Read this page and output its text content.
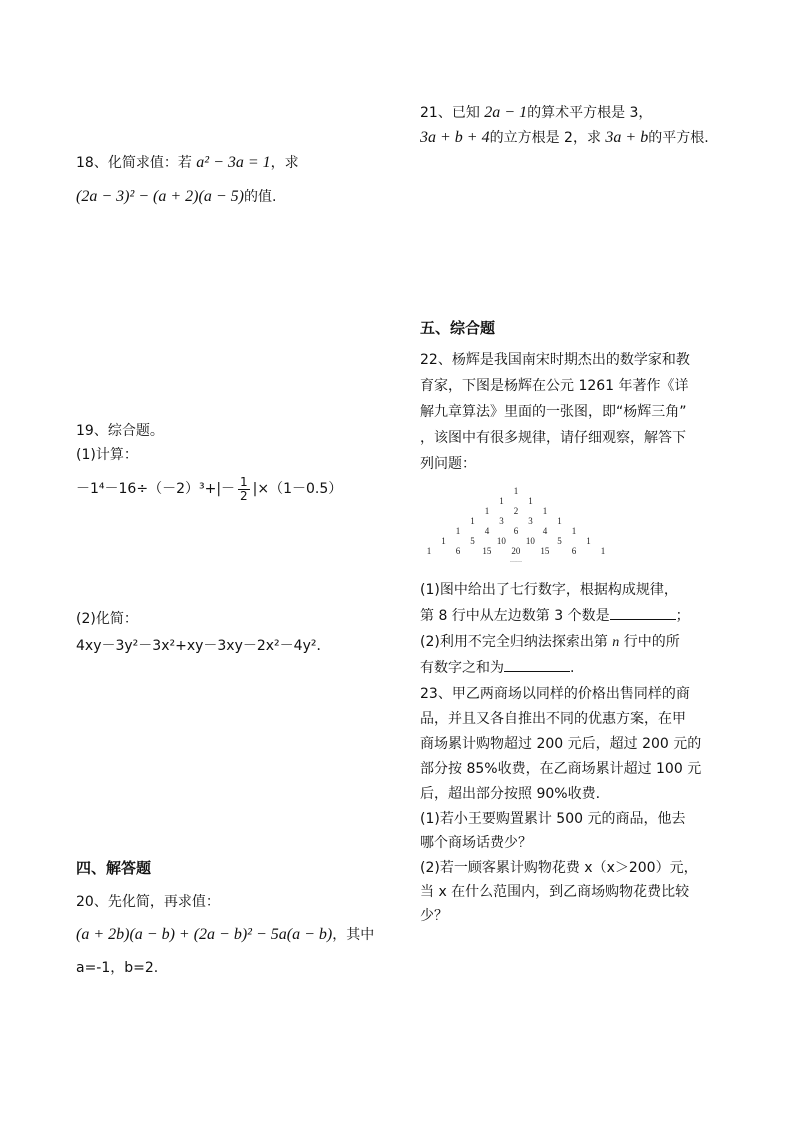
18、化简求值：若 a² − 3a = 1，求
(2a − 3)² − (a + 2)(a − 5)的值.
19、综合题。
(1)计算：
$-1^4-16\div(-2)^3+|- \frac{1}{2} |\times(1-0.5)$
(2)化简：
4xy－3y²－3x²+xy－3xy－2x²－4y²．
四、解答题
20、先化简，再求值：
(a + 2b)(a − b) + (2a − b)² − 5a(a − b)，其中
a=-1，b=2.
21、已知 2a − 1的算术平方根是 3，
3a + b + 4的立方根是 2，求 3a + b的平方根.
五、综合题
22、杨辉是我国南宋时期杰出的数学家和教
育家，下图是杨辉在公元 1261 年著作《详
解九章算法》里面的一张图，即“杨辉三角”
，该图中有很多规律，请仔细观察，解答下
列问题：
1
1	1
1	2	1
1	3	3	1
1	4	6	4	1
1	5 10 10 5	1
1	6 15 20 15 6	1
……
(1)图中给出了七行数字，根据构成规律，
第 8 行中从左边数第 3 个数是	；
(2)利用不完全归纳法探索出第 n 行中的所
有数字之和为	.
23、甲乙两商场以同样的价格出售同样的商
品，并且又各自推出不同的优惠方案，在甲
商场累计购物超过 200 元后，超过 200 元的
部分按 85%收费，在乙商场累计超过 100 元
后，超出部分按照 90%收费.
(1)若小王要购置累计 500 元的商品，他去
哪个商场话费少？
(2)若一顾客累计购物花费 x（x＞200）元，
当 x 在什么范围内，到乙商场购物花费比较
少？
